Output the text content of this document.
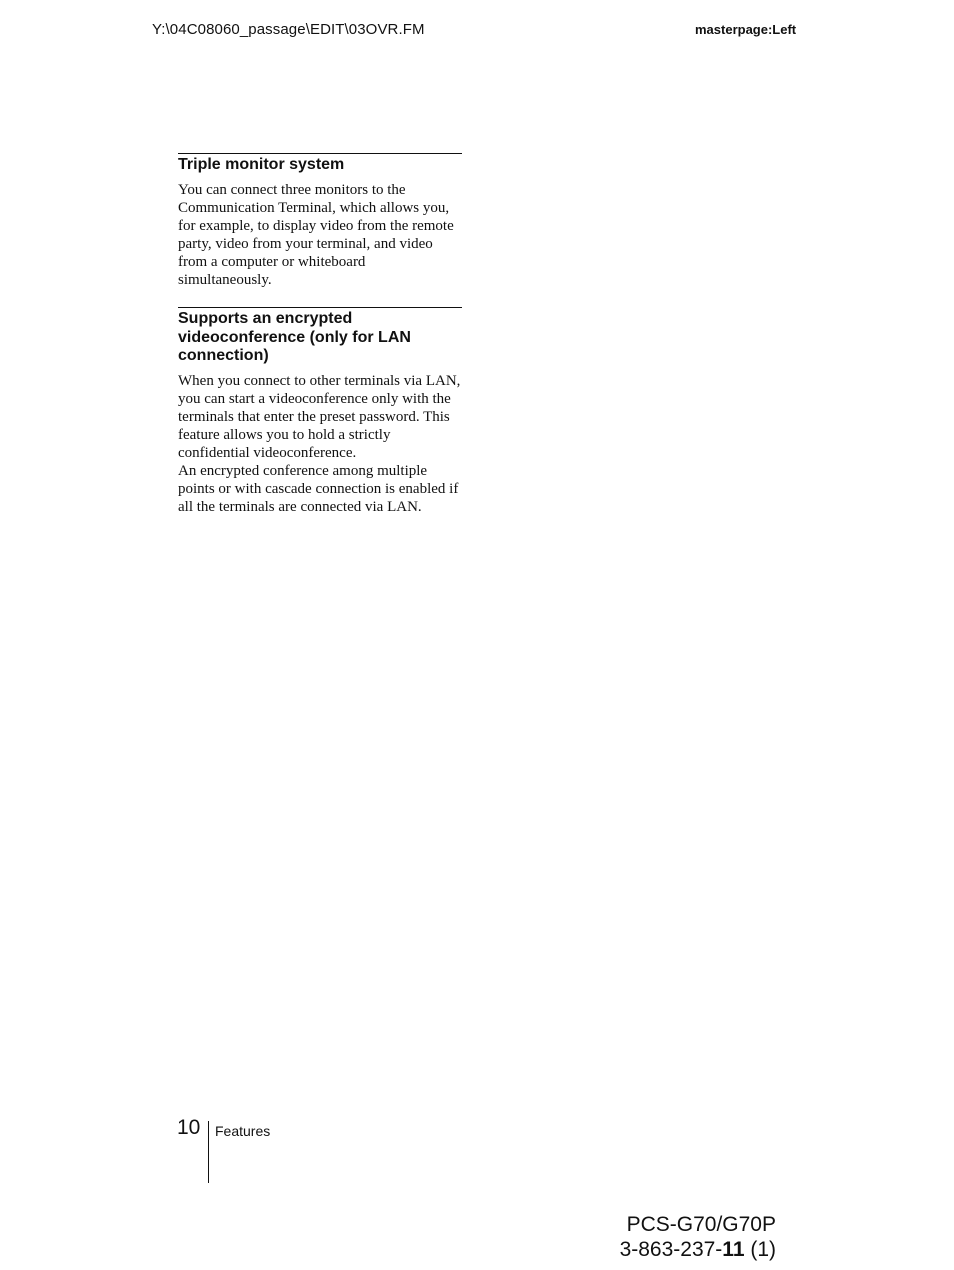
Y:\04C08060_passage\EDIT\03OVR.FM	masterpage:Left
Triple monitor system

You can connect three monitors to the Communication Terminal, which allows you, for example, to display video from the remote party, video from your terminal, and video from a computer or whiteboard simultaneously.

Supports an encrypted videoconference (only for LAN connection)

When you connect to other terminals via LAN, you can start a videoconference only with the terminals that enter the preset password. This feature allows you to hold a strictly confidential videoconference.

An encrypted conference among multiple points or with cascade connection is enabled if all the terminals are connected via LAN.

10 Features
PCS-G70/G70P
3-863-237-11 (1)
